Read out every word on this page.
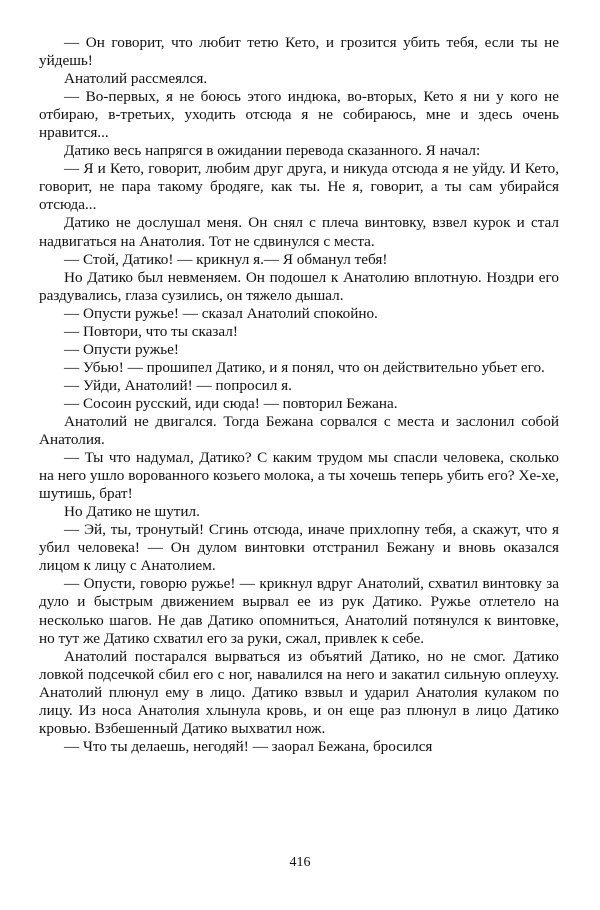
— Он говорит, что любит тетю Кето, и грозится убить тебя, если ты не уйдешь!

Анатолий рассмеялся.

— Во-первых, я не боюсь этого индюка, во-вторых, Кето я ни у кого не отбираю, в-третьих, уходить отсюда я не собираюсь, мне и здесь очень нравится...

Датико весь напрягся в ожидании перевода сказанного. Я начал:

— Я и Кето, говорит, любим друг друга, и никуда отсюда я не уйду. И Кето, говорит, не пара такому бродяге, как ты. Не я, говорит, а ты сам убирайся отсюда...

Датико не дослушал меня. Он снял с плеча винтовку, взвел курок и стал надвигаться на Анатолия. Тот не сдвинулся с места.

— Стой, Датико! — крикнул я.— Я обманул тебя!

Но Датико был невменяем. Он подошел к Анатолию вплотную. Ноздри его раздувались, глаза сузились, он тяжело дышал.

— Опусти ружье! — сказал Анатолий спокойно.

— Повтори, что ты сказал!

— Опусти ружье!

— Убью! — прошипел Датико, и я понял, что он действительно убьет его.

— Уйди, Анатолий! — попросил я.

— Сосоин русский, иди сюда! — повторил Бежана.

Анатолий не двигался. Тогда Бежана сорвался с места и заслонил собой Анатолия.

— Ты что надумал, Датико? С каким трудом мы спасли человека, сколько на него ушло ворованного козьего молока, а ты хочешь теперь убить его? Хе-хе, шутишь, брат!

Но Датико не шутил.

— Эй, ты, тронутый! Сгинь отсюда, иначе прихлопну тебя, а скажут, что я убил человека! — Он дулом винтовки отстранил Бежану и вновь оказался лицом к лицу с Анатолием.

— Опусти, говорю ружье! — крикнул вдруг Анатолий, схватил винтовку за дуло и быстрым движением вырвал ее из рук Датико. Ружье отлетело на несколько шагов. Не дав Датико опомниться, Анатолий потянулся к винтовке, но тут же Датико схватил его за руки, сжал, привлек к себе.

Анатолий постарался вырваться из объятий Датико, но не смог. Датико ловкой подсечкой сбил его с ног, навалился на него и закатил сильную оплеуху. Анатолий плюнул ему в лицо. Датико взвыл и ударил Анатолия кулаком по лицу. Из носа Анатолия хлынула кровь, и он еще раз плюнул в лицо Датико кровью. Взбешенный Датико выхватил нож.

— Что ты делаешь, негодяй! — заорал Бежана, бросился

416
